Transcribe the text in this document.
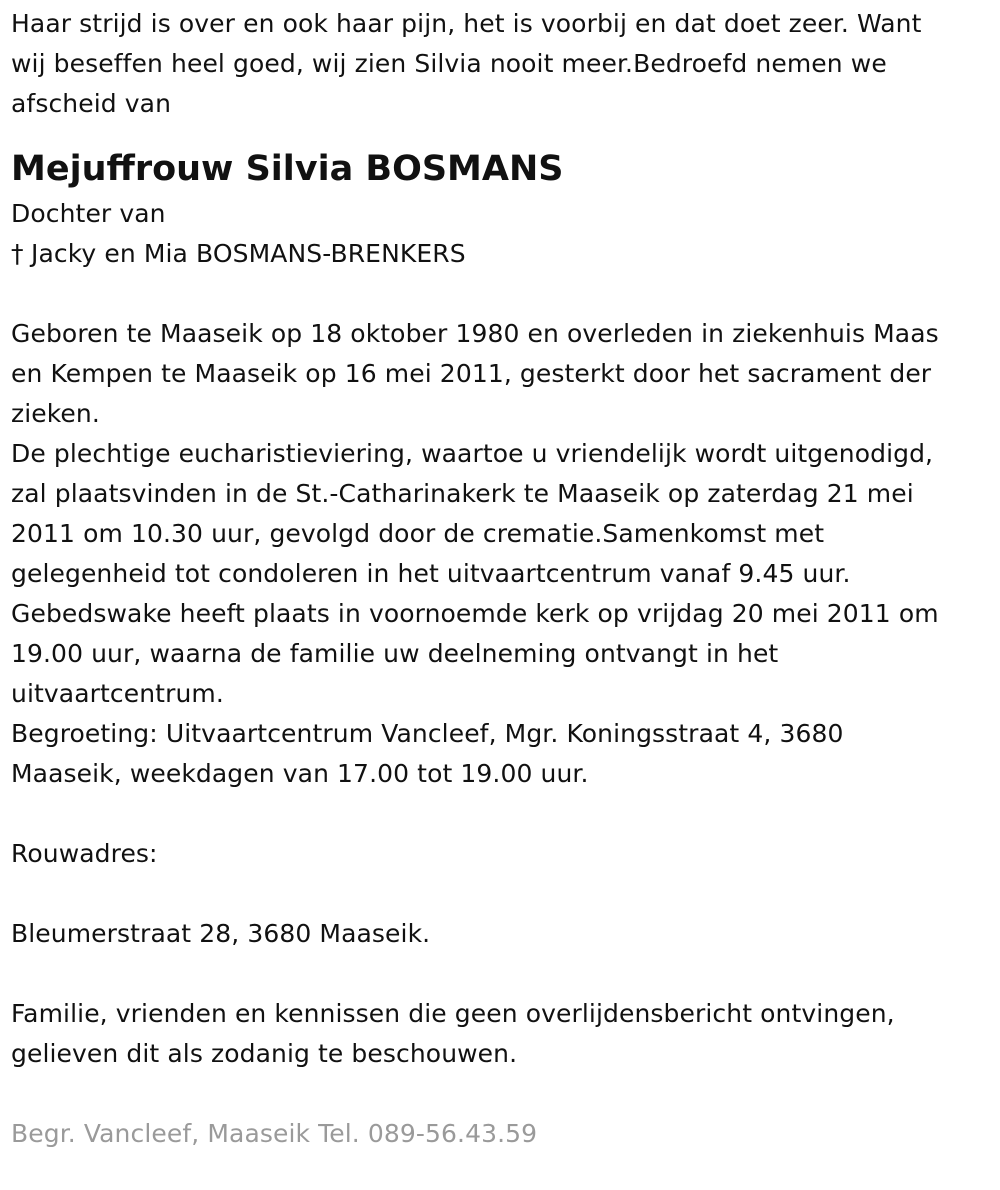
Haar strijd is over en ook haar pijn, het is voorbij en dat doet zeer. Want
wij beseffen heel goed, wij zien Silvia nooit meer.Bedroefd nemen we
afscheid van

Mejuffrouw Silvia BOSMANS

Dochter van

† Jacky en Mia BOSMANS-BRENKERS

Geboren te Maaseik op 18 oktober 1980 en overleden in ziekenhuis Maas
en Kempen te Maaseik op 16 mei 2011, gesterkt door het sacrament der
zieken.
De plechtige eucharistieviering, waartoe u vriendelijk wordt uitgenodigd,
zal plaatsvinden in de St.-Catharinakerk te Maaseik op zaterdag 21 mei
2011 om 10.30 uur, gevolgd door de crematie.Samenkomst met
gelegenheid tot condoleren in het uitvaartcentrum vanaf 9.45 uur.
Gebedswake heeft plaats in voornoemde kerk op vrijdag 20 mei 2011 om
19.00 uur, waarna de familie uw deelneming ontvangt in het
uitvaartcentrum.
Begroeting: Uitvaartcentrum Vancleef, Mgr. Koningsstraat 4, 3680
Maaseik, weekdagen van 17.00 tot 19.00 uur.

Rouwadres:

Bleumerstraat 28, 3680 Maaseik.

Familie, vrienden en kennissen die geen overlijdensbericht ontvingen,
gelieven dit als zodanig te beschouwen.

Begr. Vancleef, Maaseik Tel. 089-56.43.59
